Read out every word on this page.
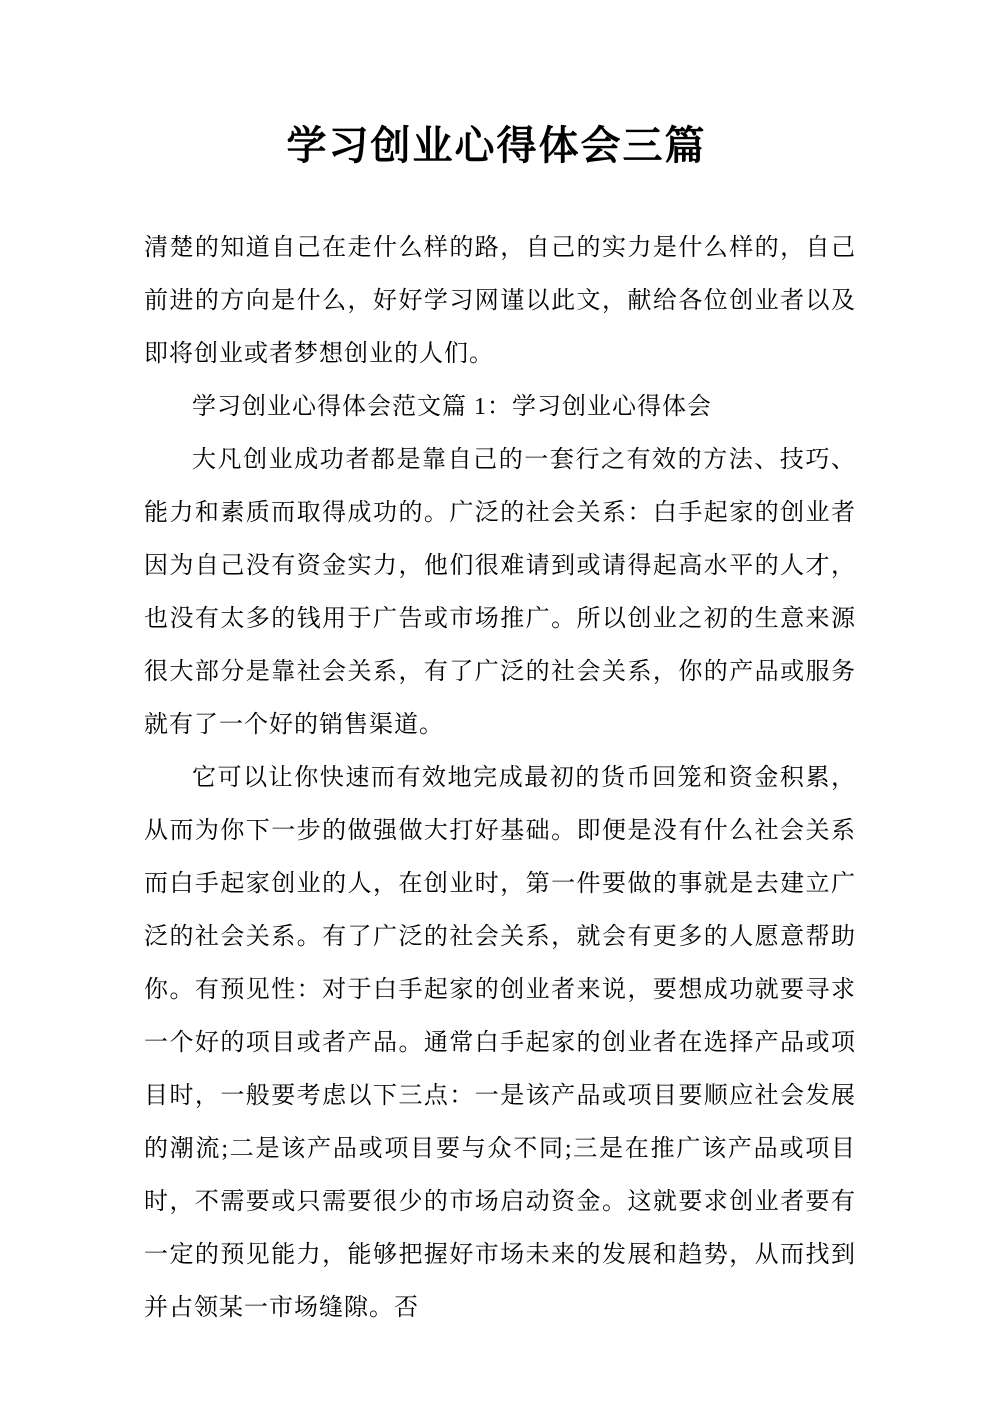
学习创业心得体会三篇

清楚的知道自己在走什么样的路，自己的实力是什么样的，自己前进的方向是什么，好好学习网谨以此文，献给各位创业者以及即将创业或者梦想创业的人们。

学习创业心得体会范文篇 1：学习创业心得体会

大凡创业成功者都是靠自己的一套行之有效的方法、技巧、能力和素质而取得成功的。广泛的社会关系：白手起家的创业者因为自己没有资金实力，他们很难请到或请得起高水平的人才，也没有太多的钱用于广告或市场推广。所以创业之初的生意来源很大部分是靠社会关系，有了广泛的社会关系，你的产品或服务就有了一个好的销售渠道。

它可以让你快速而有效地完成最初的货币回笼和资金积累，从而为你下一步的做强做大打好基础。即便是没有什么社会关系而白手起家创业的人，在创业时，第一件要做的事就是去建立广泛的社会关系。有了广泛的社会关系，就会有更多的人愿意帮助你。有预见性：对于白手起家的创业者来说，要想成功就要寻求一个好的项目或者产品。通常白手起家的创业者在选择产品或项目时，一般要考虑以下三点：一是该产品或项目要顺应社会发展的潮流;二是该产品或项目要与众不同;三是在推广该产品或项目时，不需要或只需要很少的市场启动资金。这就要求创业者要有一定的预见能力，能够把握好市场未来的发展和趋势，从而找到并占领某一市场缝隙。否
